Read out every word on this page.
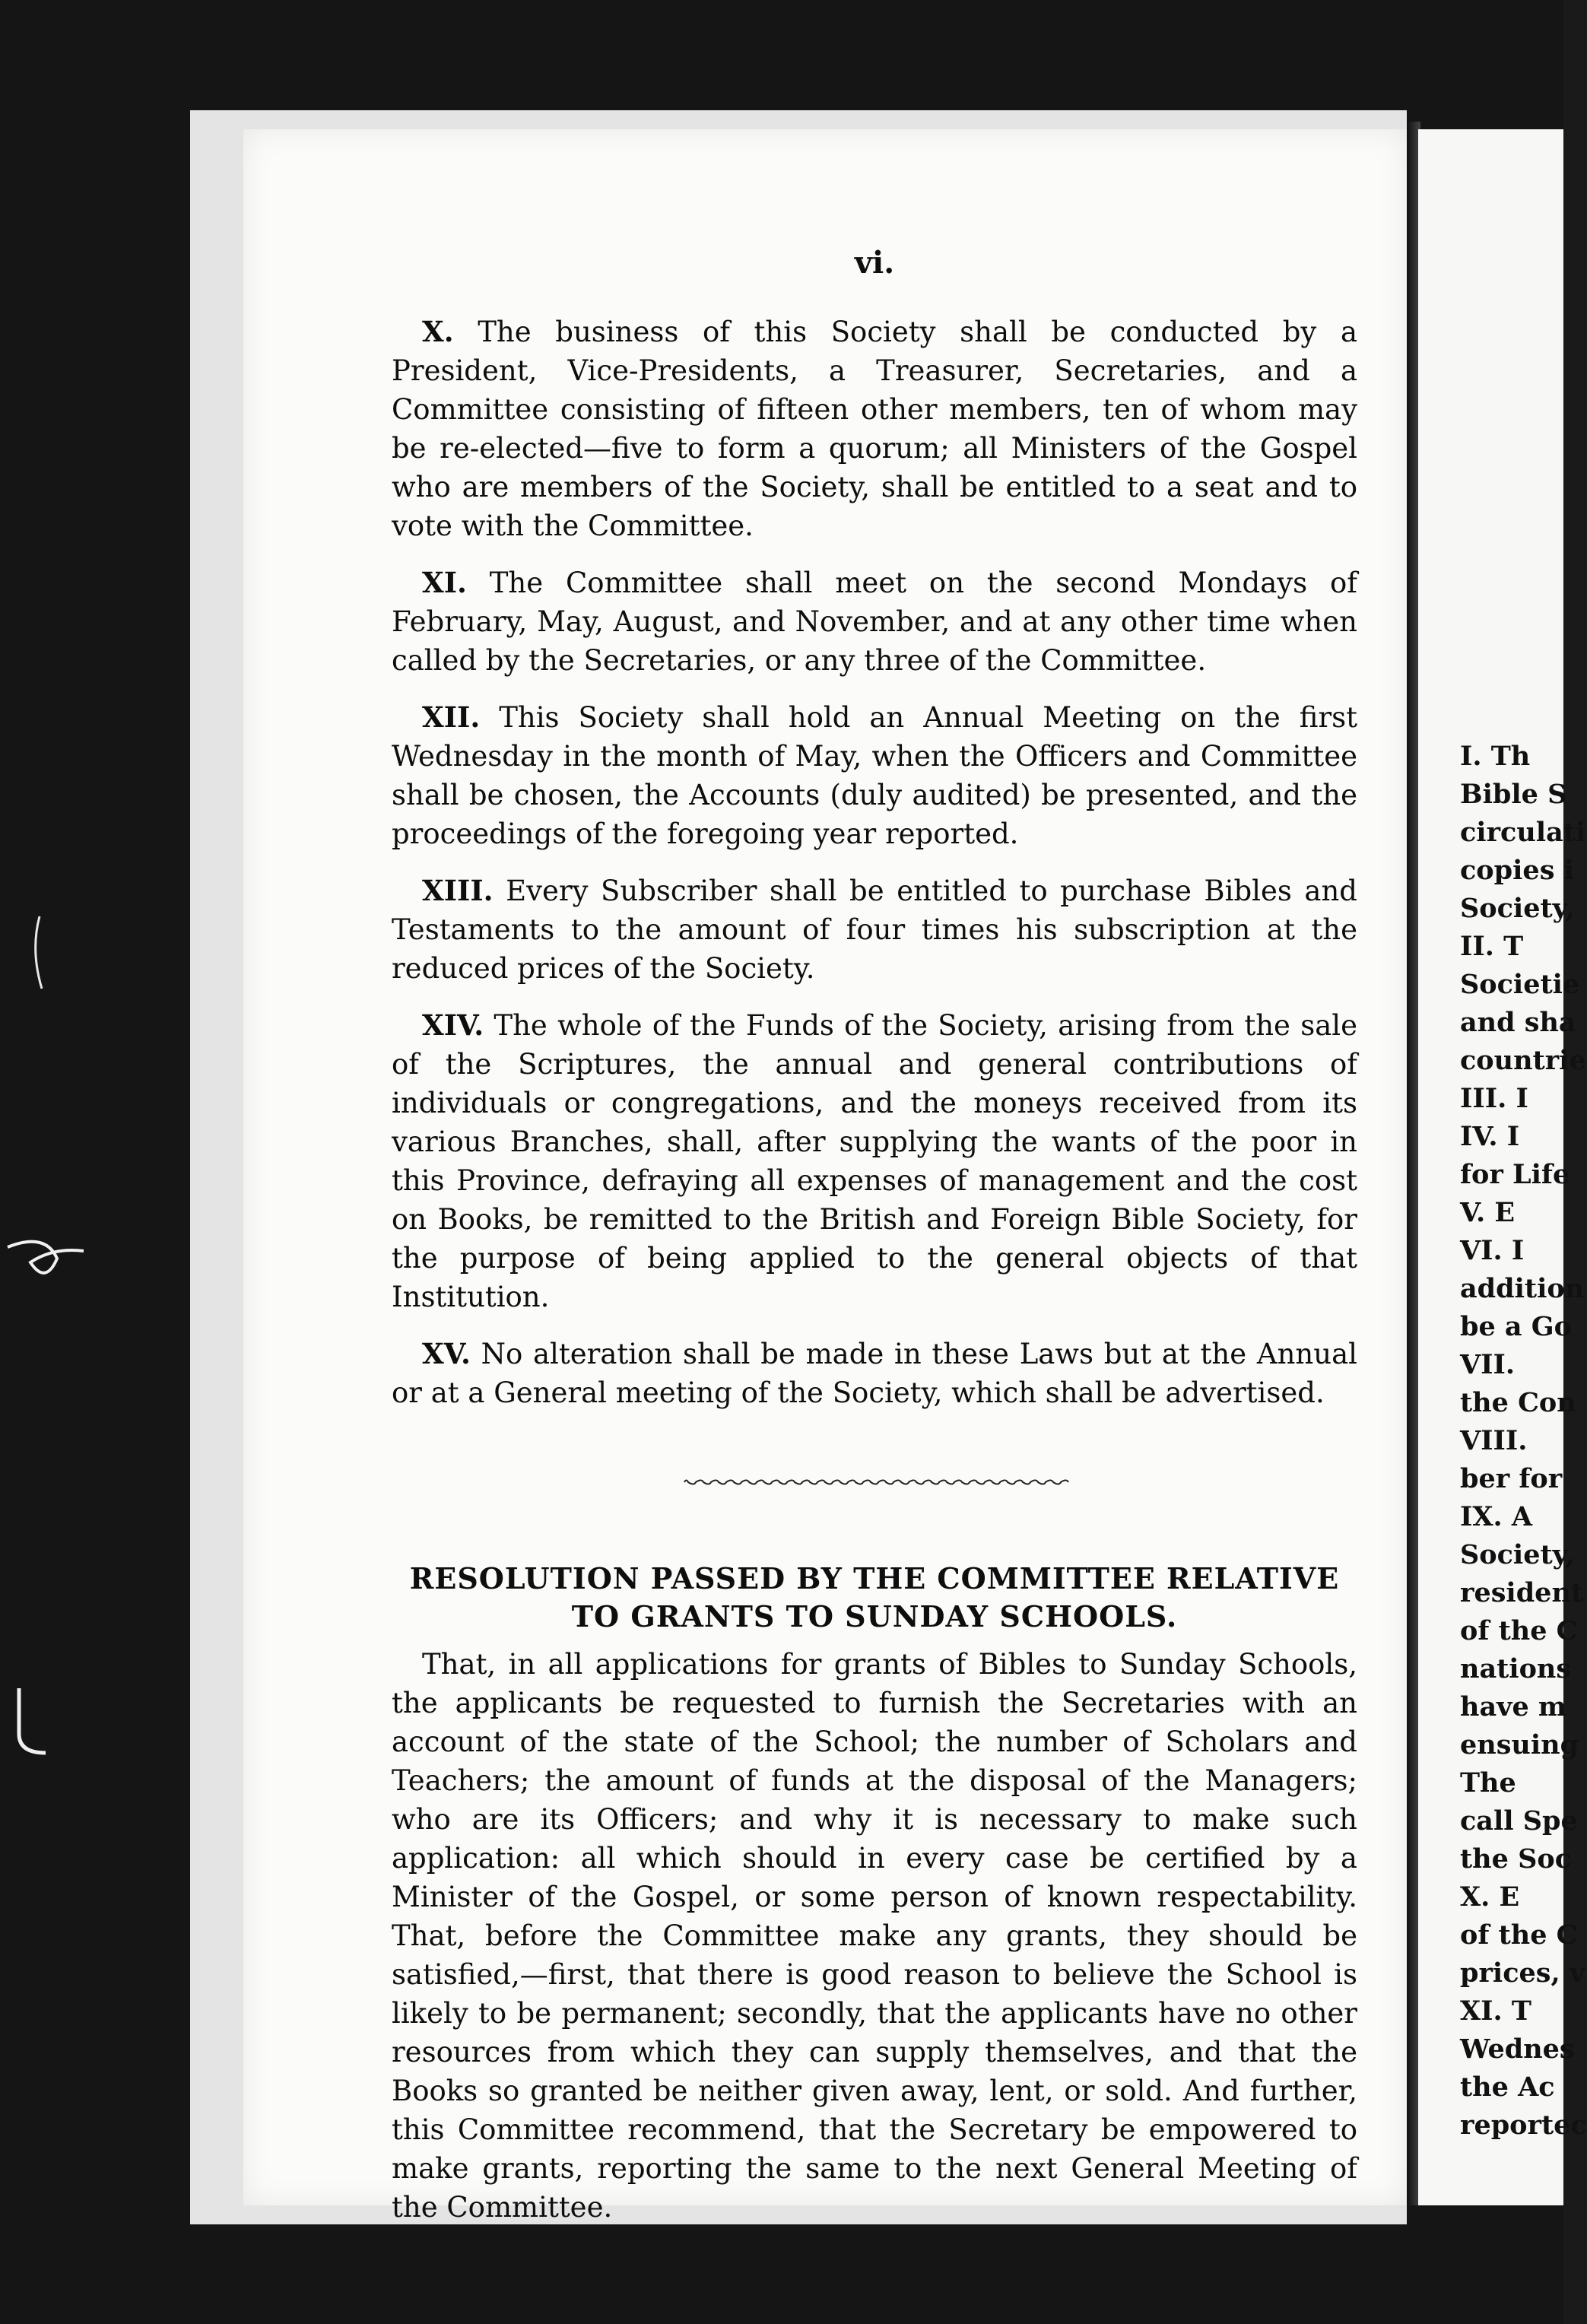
I. Th
Bible S
circulati
copies i
Society,
II. T
Societie
and sha
countrie
III. I
IV. I
for Life
V. E
VI. I
addition
be a Go
VII.
the Con
VIII.
ber for
IX. A
Society,
resident
of the C
nations
have m
ensuing
The
call Spe
the Soc
X. E
of the C
prices, v
XI. T
Wednes
the Ac
reportec
vi.

X. The business of this Society shall be conducted by a President, Vice-Presidents, a Treasurer, Secretaries, and a Committee consisting of fifteen other members, ten of whom may be re-elected—five to form a quorum; all Ministers of the Gospel who are members of the Society, shall be entitled to a seat and to vote with the Committee.

XI. The Committee shall meet on the second Mondays of February, May, August, and November, and at any other time when called by the Secretaries, or any three of the Committee.

XII. This Society shall hold an Annual Meeting on the first Wednesday in the month of May, when the Officers and Committee shall be chosen, the Accounts (duly audited) be presented, and the proceedings of the foregoing year reported.

XIII. Every Subscriber shall be entitled to purchase Bibles and Testaments to the amount of four times his subscription at the reduced prices of the Society.

XIV. The whole of the Funds of the Society, arising from the sale of the Scriptures, the annual and general contributions of individuals or congregations, and the moneys received from its various Branches, shall, after supplying the wants of the poor in this Province, defraying all expenses of management and the cost on Books, be remitted to the British and Foreign Bible Society, for the purpose of being applied to the general objects of that Institution.

XV. No alteration shall be made in these Laws but at the Annual or at a General meeting of the Society, which shall be advertised.

RESOLUTION PASSED BY THE COMMITTEE RELATIVE
TO GRANTS TO SUNDAY SCHOOLS.

That, in all applications for grants of Bibles to Sunday Schools, the applicants be requested to furnish the Secretaries with an account of the state of the School; the number of Scholars and Teachers; the amount of funds at the disposal of the Managers; who are its Officers; and why it is necessary to make such application: all which should in every case be certified by a Minister of the Gospel, or some person of known respectability. That, before the Committee make any grants, they should be satisfied,—first, that there is good reason to believe the School is likely to be permanent; secondly, that the applicants have no other resources from which they can supply themselves, and that the Books so granted be neither given away, lent, or sold. And further, this Committee recommend, that the Secretary be empowered to make grants, reporting the same to the next General Meeting of the Committee.
